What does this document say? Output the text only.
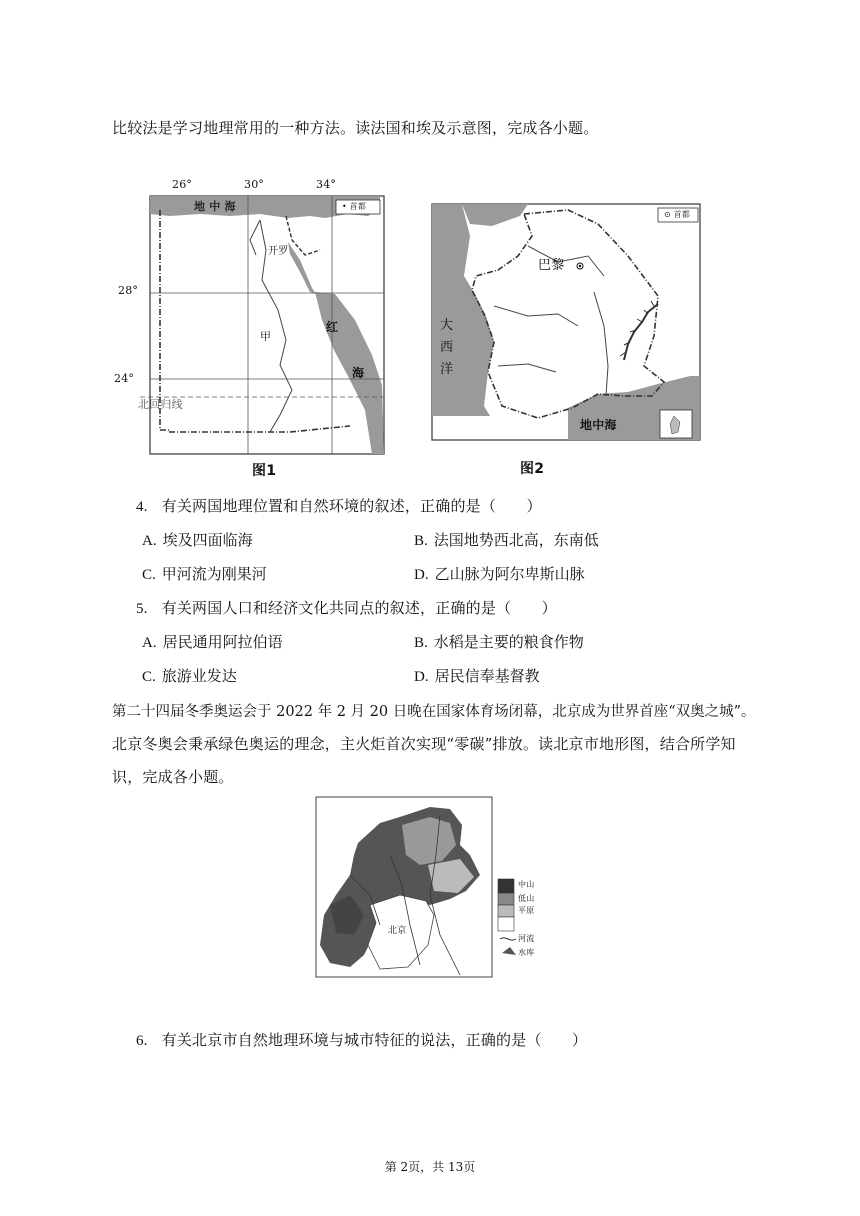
比较法是学习地理常用的一种方法。读法国和埃及示意图，完成各小题。
26°	30°	34°
28°
24°
地 中 海	• 首都
开罗
甲
红
海
北回归线
图1
⊙ 首都
巴黎
大
西
洋
地中海
图2
4. 有关两国地理位置和自然环境的叙述，正确的是（　　）
A. 埃及四面临海	B. 法国地势西北高，东南低
C. 甲河流为刚果河	D. 乙山脉为阿尔卑斯山脉
5. 有关两国人口和经济文化共同点的叙述，正确的是（　　）
A. 居民通用阿拉伯语	B. 水稻是主要的粮食作物
C. 旅游业发达	D. 居民信奉基督教
第二十四届冬季奥运会于 2022 年 2 月 20 日晚在国家体育场闭幕，北京成为世界首座“双奥之城”。
北京冬奥会秉承绿色奥运的理念，主火炬首次实现“零碳”排放。读北京市地形图，结合所学知
识，完成各小题。
中山
低山
平原
河流
水库
北京
6. 有关北京市自然地理环境与城市特征的说法，正确的是（　　）
第 2页，共 13页
